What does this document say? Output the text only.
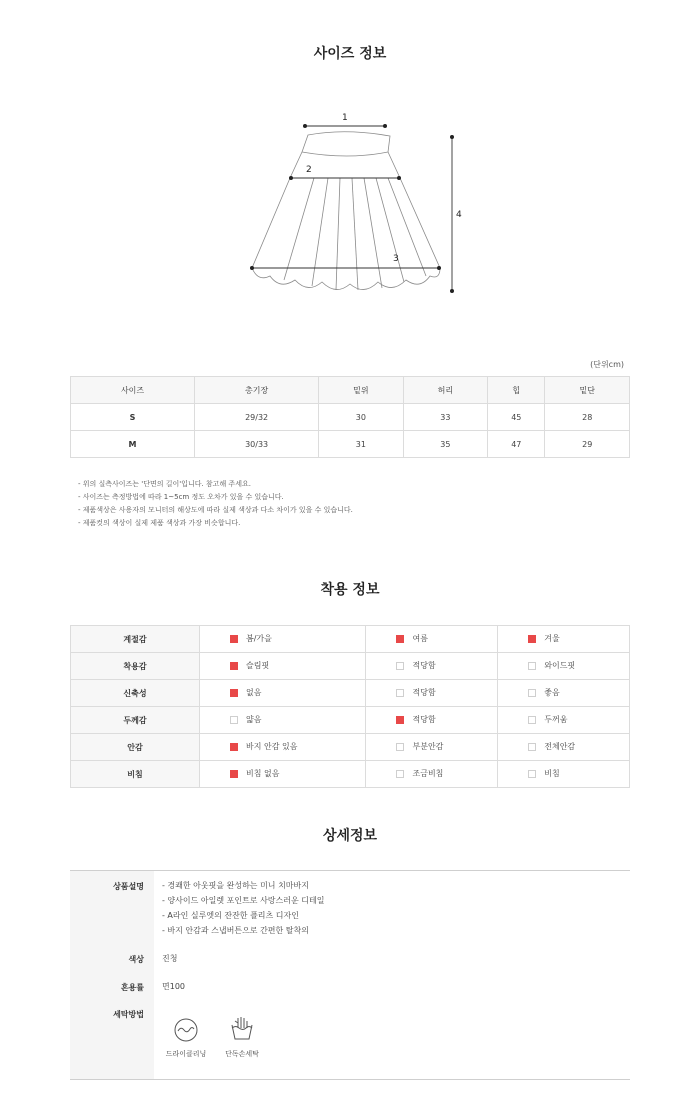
사이즈 정보
1
2
3
4
(단위cm)
사이즈	총기장	밑위	허리	힙	밑단
S	29/32	30	33	45	28
M	30/33	31	35	47	29
- 위의 실측사이즈는 '단면의 길이'입니다. 참고해 주세요.
- 사이즈는 측정방법에 따라 1~5cm 정도 오차가 있을 수 있습니다.
- 제품색상은 사용자의 모니터의 해상도에 따라 실제 색상과 다소 차이가 있을 수 있습니다.
- 제품컷의 색상이 실제 제품 색상과 가장 비슷합니다.
착용 정보
계절감	봄/가을	여름	겨울

착용감	슬림핏	적당함	와이드핏

신축성	없음	적당함	좋음

두께감	얇음	적당함	두꺼움

안감	바지 안감 있음	부분안감	전체안감

비침	비침 없음	조금비침	비침
상세정보
상품설명 - 경쾌한 아웃핏을 완성하는 미니 치마바지
- 양사이드 아일렛 포인트로 사랑스러운 디테일
- A라인 실루엣의 잔잔한 플리츠 디자인
- 바지 안감과 스냅버튼으로 간편한 탈착의
색상 진청
혼용률 면100
세탁방법
드라이클리닝	단독손세탁
